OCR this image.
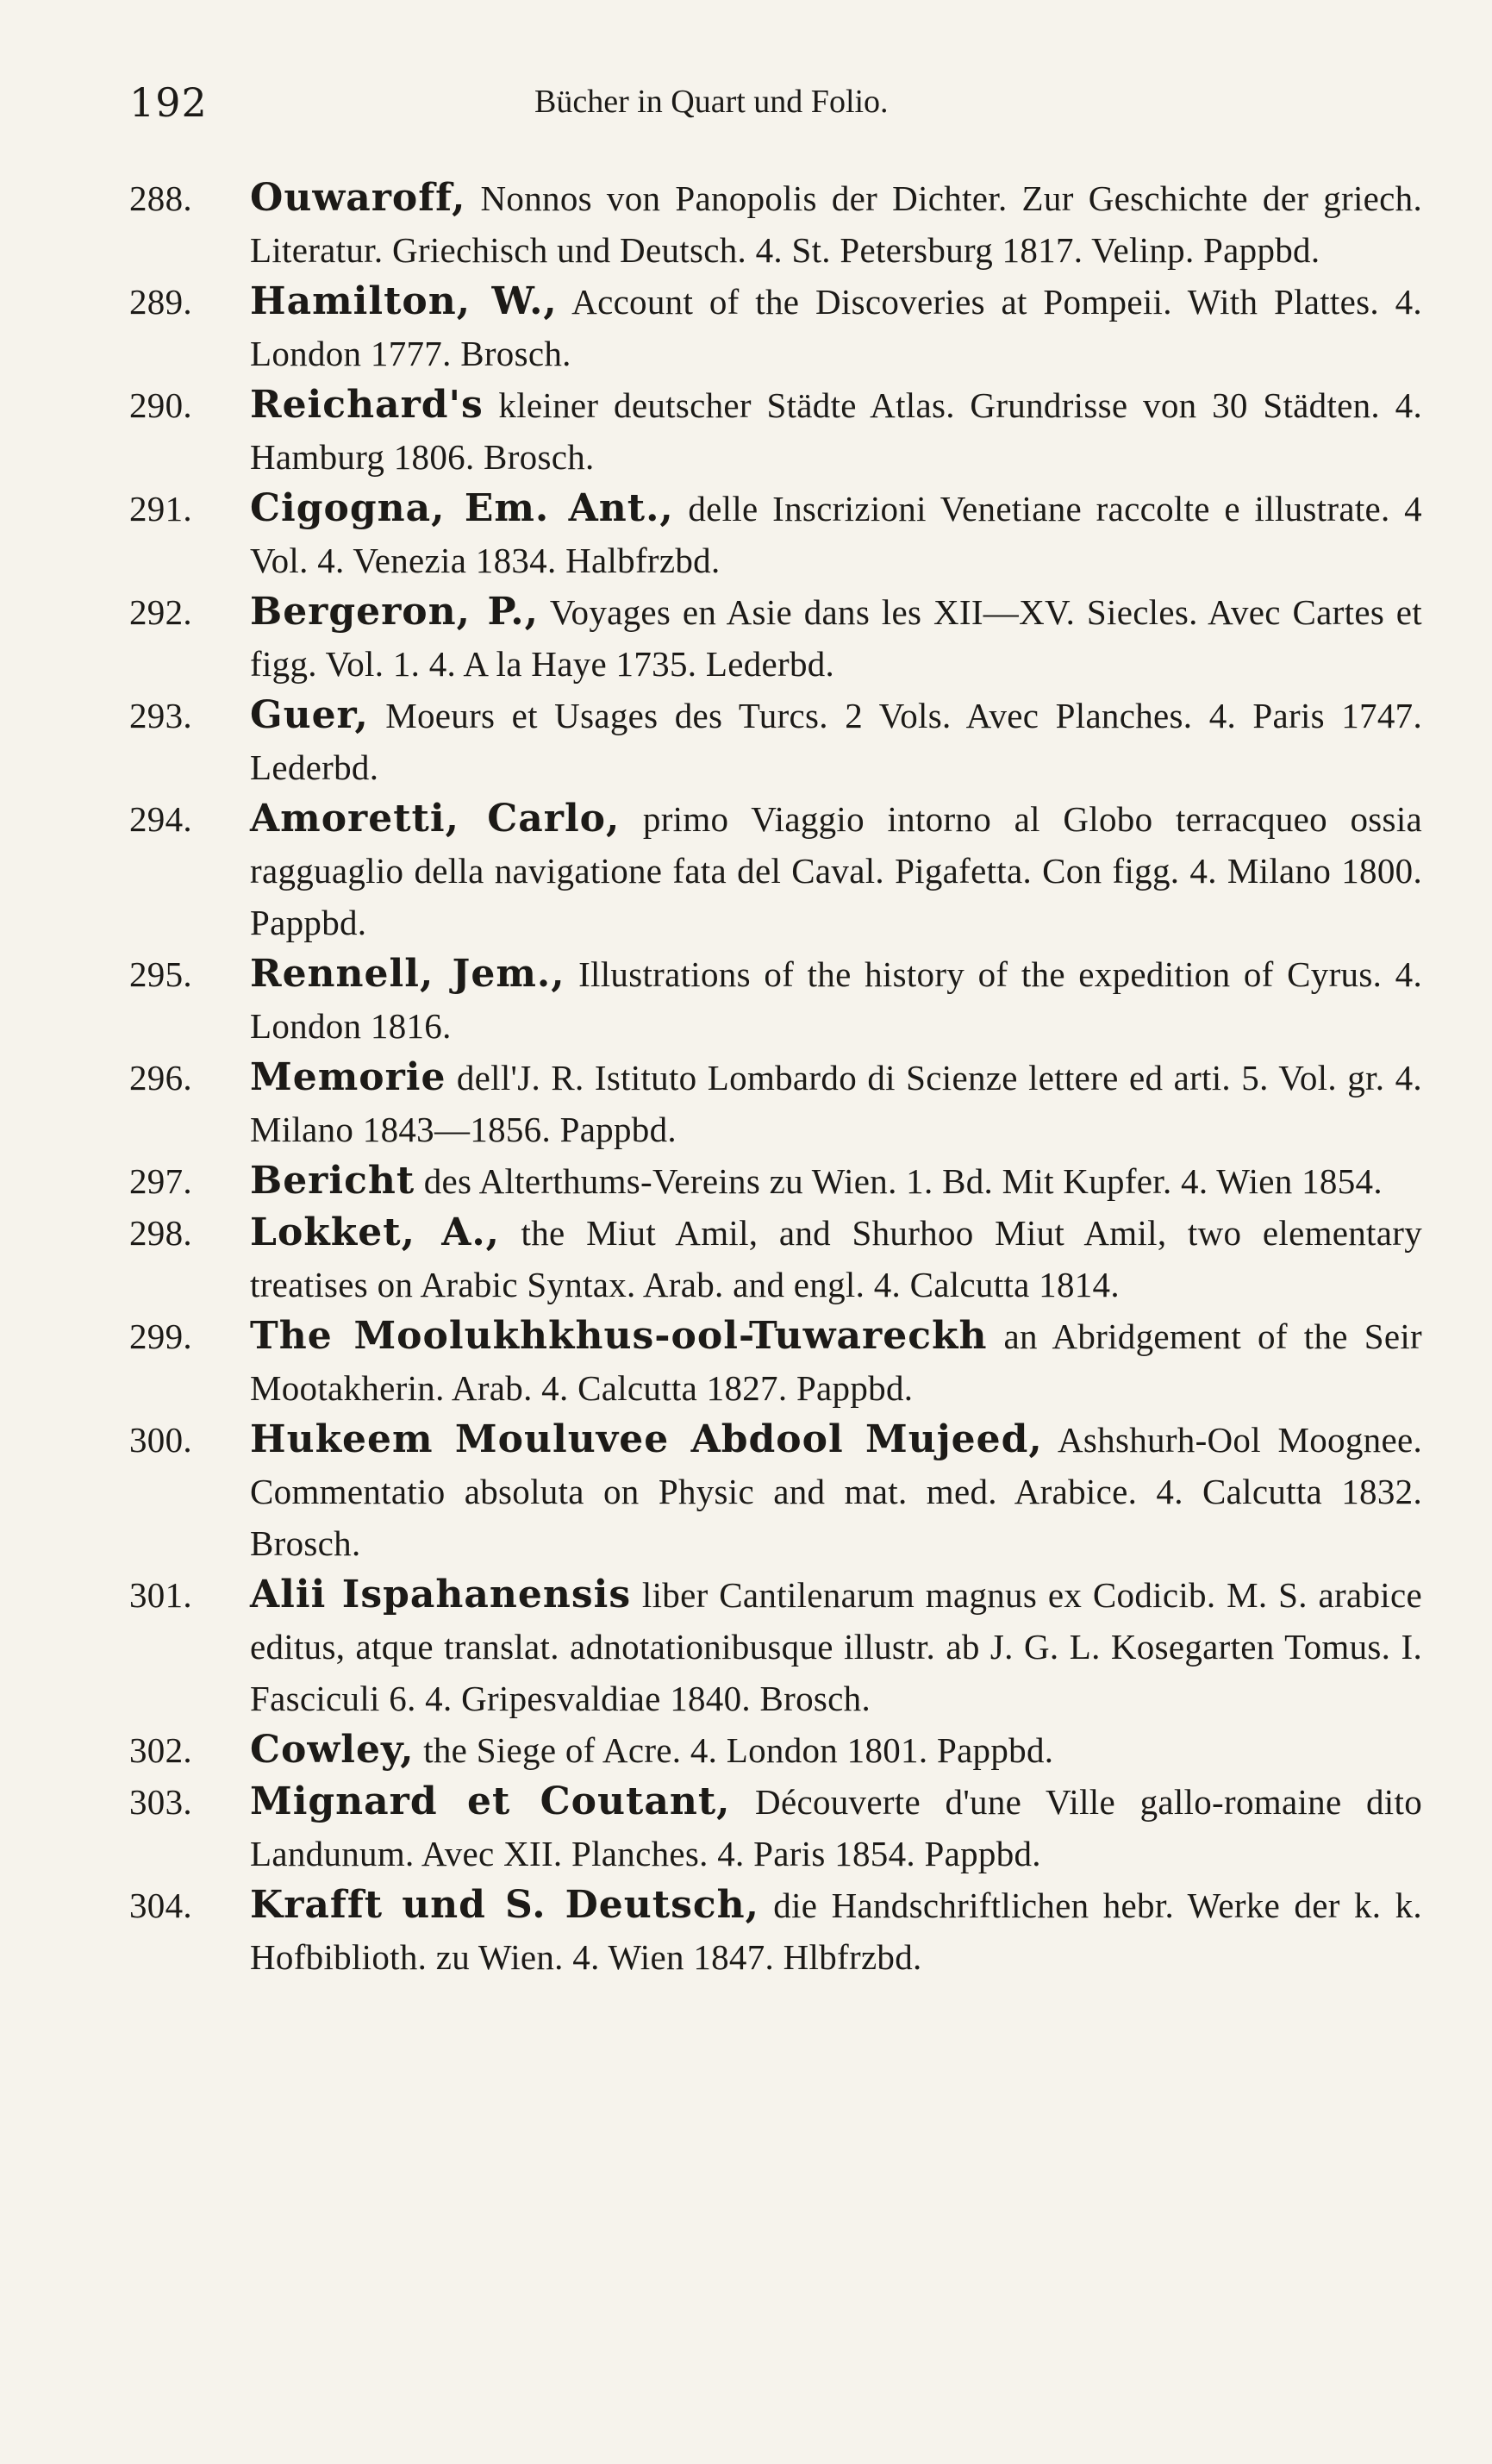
192	Bücher in Quart und Folio.
288.	Ouwaroff, Nonnos von Panopolis der Dichter. Zur Geschichte der griech. Literatur. Griechisch und Deutsch. 4. St. Petersburg 1817. Velinp. Pappbd.
289.	Hamilton, W., Account of the Discoveries at Pompeii. With Plattes. 4. London 1777. Brosch.
290.	Reichard's kleiner deutscher Städte Atlas. Grundrisse von 30 Städten. 4. Hamburg 1806. Brosch.
291.	Cigogna, Em. Ant., delle Inscrizioni Venetiane raccolte e illustrate. 4 Vol. 4. Venezia 1834. Halbfrzbd.
292.	Bergeron, P., Voyages en Asie dans les XII—XV. Siecles. Avec Cartes et figg. Vol. 1. 4. A la Haye 1735. Lederbd.
293.	Guer, Moeurs et Usages des Turcs. 2 Vols. Avec Planches. 4. Paris 1747. Lederbd.
294.	Amoretti, Carlo, primo Viaggio intorno al Globo terracqueo ossia ragguaglio della navigatione fata del Caval. Pigafetta. Con figg. 4. Milano 1800. Pappbd.
295.	Rennell, Jem., Illustrations of the history of the expedition of Cyrus. 4. London 1816.
296.	Memorie dell'J. R. Istituto Lombardo di Scienze lettere ed arti. 5. Vol. gr. 4. Milano 1843—1856. Pappbd.
297.	Bericht des Alterthums-Vereins zu Wien. 1. Bd. Mit Kupfer. 4. Wien 1854.
298.	Lokket, A., the Miut Amil, and Shurhoo Miut Amil, two elementary treatises on Arabic Syntax. Arab. and engl. 4. Calcutta 1814.
299.	The Moolukhkhus-ool-Tuwareckh an Abridgement of the Seir Mootakherin. Arab. 4. Calcutta 1827. Pappbd.
300.	Hukeem Mouluvee Abdool Mujeed, Ashshurh-Ool Moognee. Commentatio absoluta on Physic and mat. med. Arabice. 4. Calcutta 1832. Brosch.
301.	Alii Ispahanensis liber Cantilenarum magnus ex Codicib. M. S. arabice editus, atque translat. adnotationibusque illustr. ab J. G. L. Kosegarten Tomus. I. Fasciculi 6. 4. Gripesvaldiae 1840. Brosch.
302.	Cowley, the Siege of Acre. 4. London 1801. Pappbd.
303.	Mignard et Coutant, Découverte d'une Ville gallo-romaine dito Landunum. Avec XII. Planches. 4. Paris 1854. Pappbd.
304.	Krafft und S. Deutsch, die Handschriftlichen hebr. Werke der k. k. Hofbiblioth. zu Wien. 4. Wien 1847. Hlbfrzbd.
